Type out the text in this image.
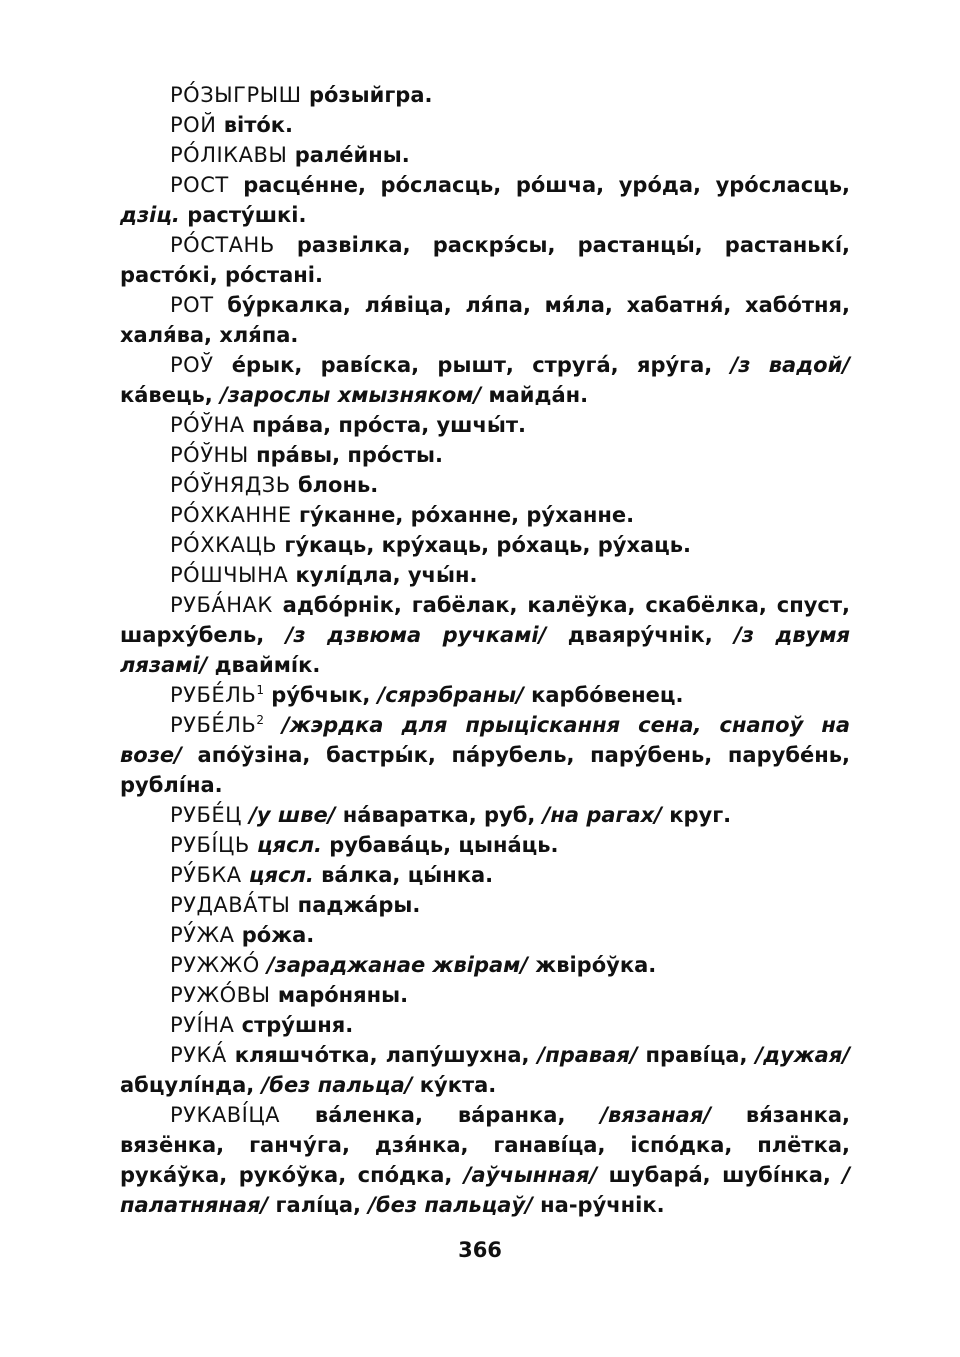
РО́ЗЫГРЫШ ро́зыйгра.

РОЙ віто́к.

РО́ЛІКАВЫ рале́йны.

РОСТ расце́нне, ро́сласць, ро́шча, уро́да, уро́сласць, дзіц. расту́шкі.

РО́СТАНЬ развілка, раскрэ́сы, растанцы́, растанькі́, расто́кі, ро́стані.

РОТ бу́ркалка, ля́віца, ля́па, мя́ла, хабатня́, хабо́тня, халя́ва, хля́па.

РОЎ е́рык, раві́ска, рышт, стругá, яру́га, /з вадой/ ка́вець, /зарослы хмызняком/ майда́н.

РО́ЎНА пра́ва, про́ста, ушчы́т.

РО́ЎНЫ пра́вы, про́сты.

РО́ЎНЯДЗЬ блонь.

РО́ХКАННЕ гу́канне, ро́ханне, ру́ханне.

РО́ХКАЦЬ гу́каць, кру́хаць, ро́хаць, ру́хаць.

РО́ШЧЫНА кулі́дла, учы́н.

РУБА́НАК адбо́рнік, габёлак, калёўка, скабёлка, спуст, шарху́бель, /з дзвюма ручкамі/ дваяру́чнік, /з двумя лязамі/ дваймі́к.

$РУБЕ́ЛЬ^1$ ру́бчык, /сярэбраны/ карбо́венец.

$РУБЕ́ЛЬ^2$ /жэрдка для прыціскання сена, снапоў на возе/ апо́ўзіна, бастры́к, па́рубель, пару́бень, парубе́нь, рублі́на.

РУБЕ́Ц /у шве/ на́варатка, руб, /на рагах/ круг.

РУБІ́ЦЬ цясл. рубава́ць, цына́ць.

РУ́БКА цясл. ва́лка, цы́нка.

РУДАВА́ТЫ паджа́ры.

РУ́ЖА ро́жа.

РУЖЖО́ /зараджанае жвірам/ жвіро́ўка.

РУЖО́ВЫ маро́няны.

РУІ́НА стру́шня.

РУКА́ кляшчо́тка, лапу́шухна, /правая/ праві́ца, /дужая/ абцулі́нда, /без пальца/ ку́кта.

РУКАВІ́ЦА ва́ленка, ва́ранка, /вязаная/ вя́занка, вязёнка, ганчу́га, дзя́нка, ганаві́ца, іспо́дка, плётка, рука́ўка, руко́ўка, спо́дка, /аўчынная/ шубара́, шубі́нка, /палатняная/ галі́ца, /без пальцаў/ на-ру́чнік.

366
